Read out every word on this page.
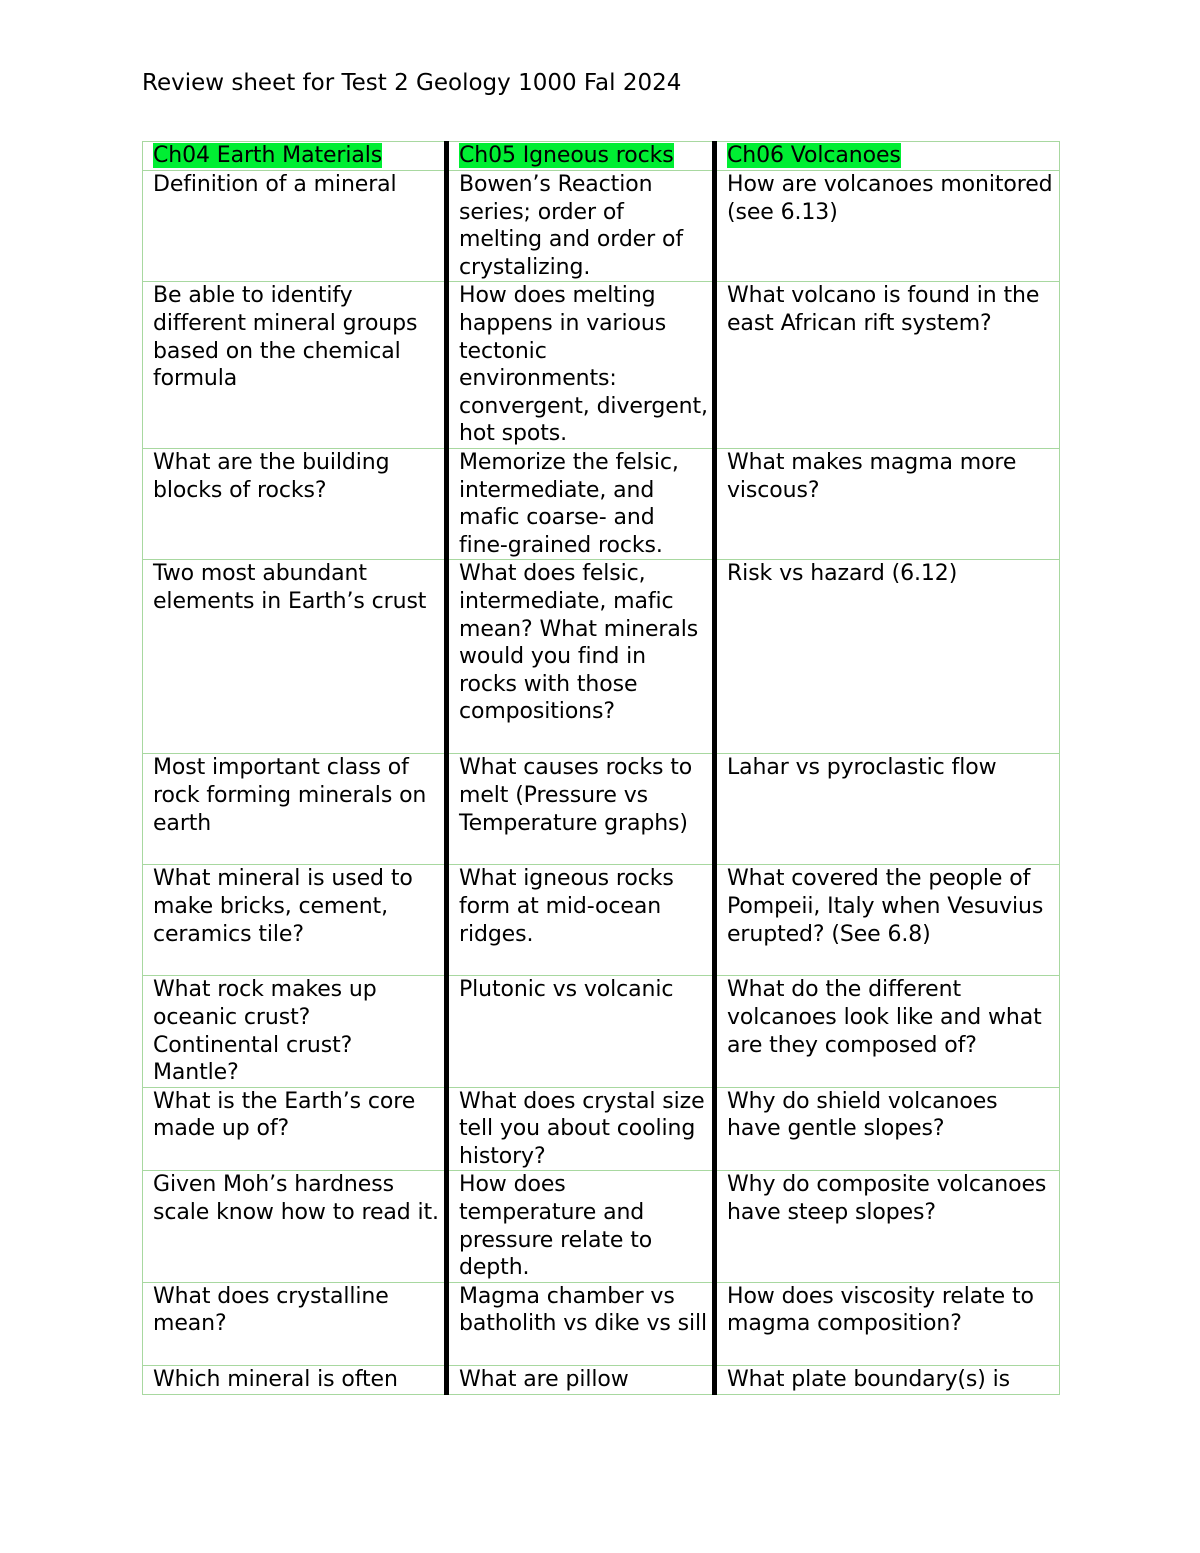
Review sheet for Test 2 Geology 1000 Fal 2024
Ch04 Earth Materials	Ch05 Igneous rocks	Ch06 Volcanoes
Definition of a mineral	Bowen’s Reaction series; order of melting and order of crystalizing.	How are volcanoes monitored (see 6.13)
Be able to identify different mineral groups based on the chemical formula	How does melting happens in various tectonic environments: convergent, divergent, hot spots.	What volcano is found in the east African rift system?
What are the building blocks of rocks?	Memorize the felsic, intermediate, and mafic coarse- and fine-grained rocks.	What makes magma more viscous?
Two most abundant elements in Earth’s crust	What does felsic, intermediate, mafic mean? What minerals would you find in rocks with those compositions?	Risk vs hazard (6.12)
Most important class of rock forming minerals on earth	What causes rocks to melt (Pressure vs Temperature graphs)	Lahar vs pyroclastic flow
What mineral is used to make bricks, cement, ceramics tile?	What igneous rocks form at mid-ocean ridges.	What covered the people of Pompeii, Italy when Vesuvius erupted? (See 6.8)
What rock makes up oceanic crust? Continental crust? Mantle?	Plutonic vs volcanic	What do the different volcanoes look like and what are they composed of?
What is the Earth’s core made up of?	What does crystal size tell you about cooling history?	Why do shield volcanoes have gentle slopes?
Given Moh’s hardness scale know how to read it.	How does temperature and pressure relate to depth.	Why do composite volcanoes have steep slopes?
What does crystalline mean?	Magma chamber vs batholith vs dike vs sill	How does viscosity relate to magma composition?
Which mineral is often	What are pillow	What plate boundary(s) is
